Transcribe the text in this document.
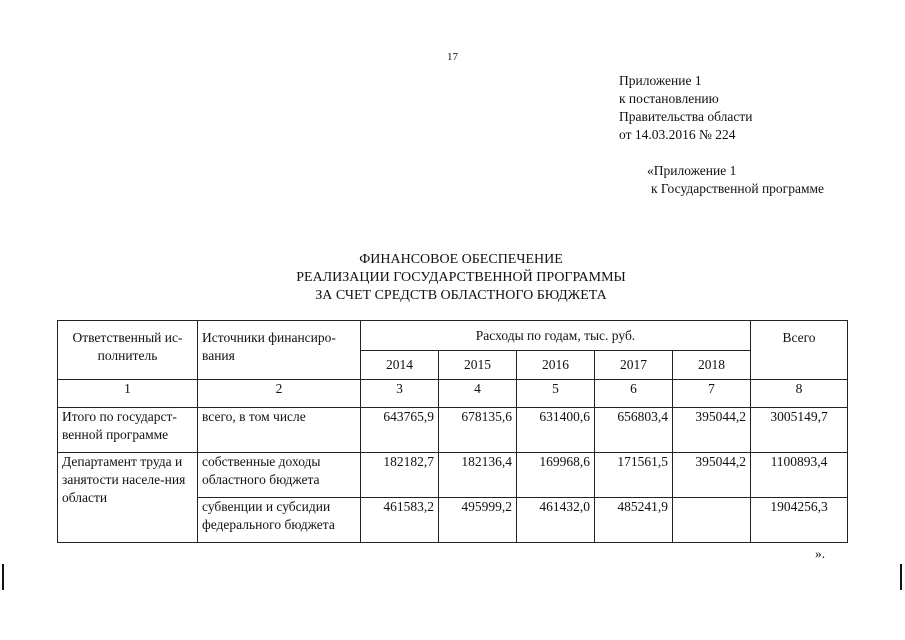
17
Приложение 1
к постановлению
Правительства области
от 14.03.2016 № 224
«Приложение 1
к Государственной программе
ФИНАНСОВОЕ ОБЕСПЕЧЕНИЕ
РЕАЛИЗАЦИИ ГОСУДАРСТВЕННОЙ ПРОГРАММЫ
ЗА СЧЕТ СРЕДСТВ ОБЛАСТНОГО БЮДЖЕТА
Ответственный ис-полнитель	Источники финансиро-вания	Расходы по годам, тыс. руб.					Всего
		2014	2015	2016	2017	2018	
1	2	3	4	5	6	7	8
Итого по государст-венной программе	всего, в том числе	643765,9	678135,6	631400,6	656803,4	395044,2	3005149,7
Департамент труда и занятости населе-ния области	собственные доходы областного бюджета	182182,7	182136,4	169968,6	171561,5	395044,2	1100893,4
	субвенции и субсидии федерального бюджета	461583,2	495999,2	461432,0	485241,9		1904256,3
».
